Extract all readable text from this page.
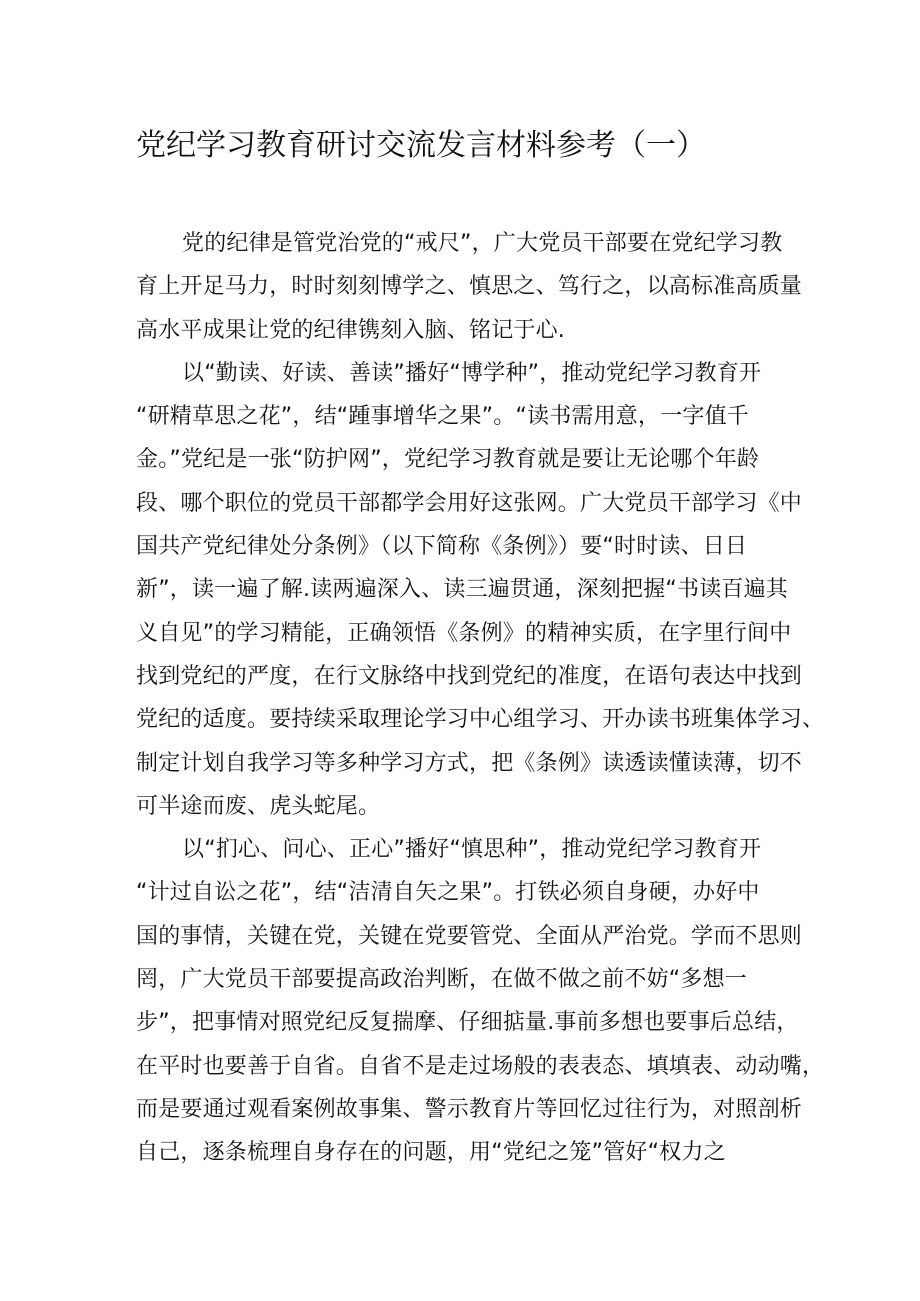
党纪学习教育研讨交流发言材料参考（一）
党的纪律是管党治党的“戒尺”，广大党员干部要在党纪学习教
育上开足马力，时时刻刻博学之、慎思之、笃行之，以高标准高质量
高水平成果让党的纪律镌刻入脑、铭记于心.
以“勤读、好读、善读”播好“博学种”，推动党纪学习教育开
“研精草思之花”，结“踵事增华之果”。“读书需用意，一字值千
金。”党纪是一张“防护网”，党纪学习教育就是要让无论哪个年龄
段、哪个职位的党员干部都学会用好这张网。广大党员干部学习《中
国共产党纪律处分条例》（以下简称《条例》）要“时时读、日日
新”，读一遍了解.读两遍深入、读三遍贯通，深刻把握“书读百遍其
义自见”的学习精能，正确领悟《条例》的精神实质，在字里行间中
找到党纪的严度，在行文脉络中找到党纪的准度，在语句表达中找到
党纪的适度。要持续采取理论学习中心组学习、开办读书班集体学习、
制定计划自我学习等多种学习方式，把《条例》读透读懂读薄，切不
可半途而废、虎头蛇尾。
以“扪心、问心、正心”播好“慎思种”，推动党纪学习教育开
“计过自讼之花”，结“洁清自矢之果”。打铁必须自身硬，办好中
国的事情，关键在党，关键在党要管党、全面从严治党。学而不思则
罔，广大党员干部要提高政治判断，在做不做之前不妨“多想一
步”，把事情对照党纪反复揣摩、仔细掂量.事前多想也要事后总结，
在平时也要善于自省。自省不是走过场般的表表态、填填表、动动嘴，
而是要通过观看案例故事集、警示教育片等回忆过往行为，对照剖析
自己，逐条梳理自身存在的问题，用“党纪之笼”管好“权力之
